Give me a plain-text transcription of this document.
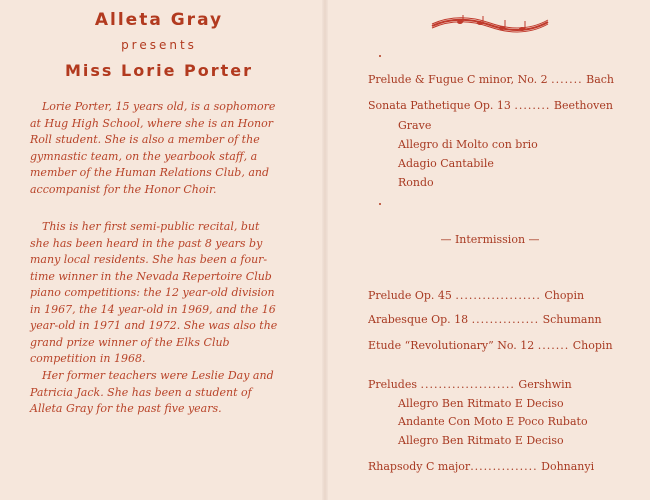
Alleta Gray
presents
Miss Lorie Porter

Lorie Porter, 15 years old, is a sophomore at Hug High School, where she is an Honor Roll student. She is also a member of the gymnastic team, on the yearbook staff, a member of the Human Relations Club, and accompanist for the Honor Choir.

This is her first semi-public recital, but she has been heard in the past 8 years by many local residents. She has been a four-time winner in the Nevada Repertoire Club piano competitions: the 12 year-old division in 1967, the 14 year-old in 1969, and the 16 year-old in 1971 and 1972. She was also the grand prize winner of the Elks Club competition in 1968.

Her former teachers were Leslie Day and Patricia Jack. She has been a student of Alleta Gray for the past five years.

Prelude & Fugue C minor, No. 2 ....... Bach
Sonata Pathetique Op. 13 ........ Beethoven
Grave
Allegro di Molto con brio
Adagio Cantabile
Rondo
— Intermission —
Prelude Op. 45 ................... Chopin
Arabesque Op. 18 ............... Schumann
Etude “Revolutionary” No. 12 ....... Chopin
Preludes ..................... Gershwin
Allegro Ben Ritmato E Deciso
Andante Con Moto E Poco Rubato
Allegro Ben Ritmato E Deciso
Rhapsody C major............... Dohnanyi
